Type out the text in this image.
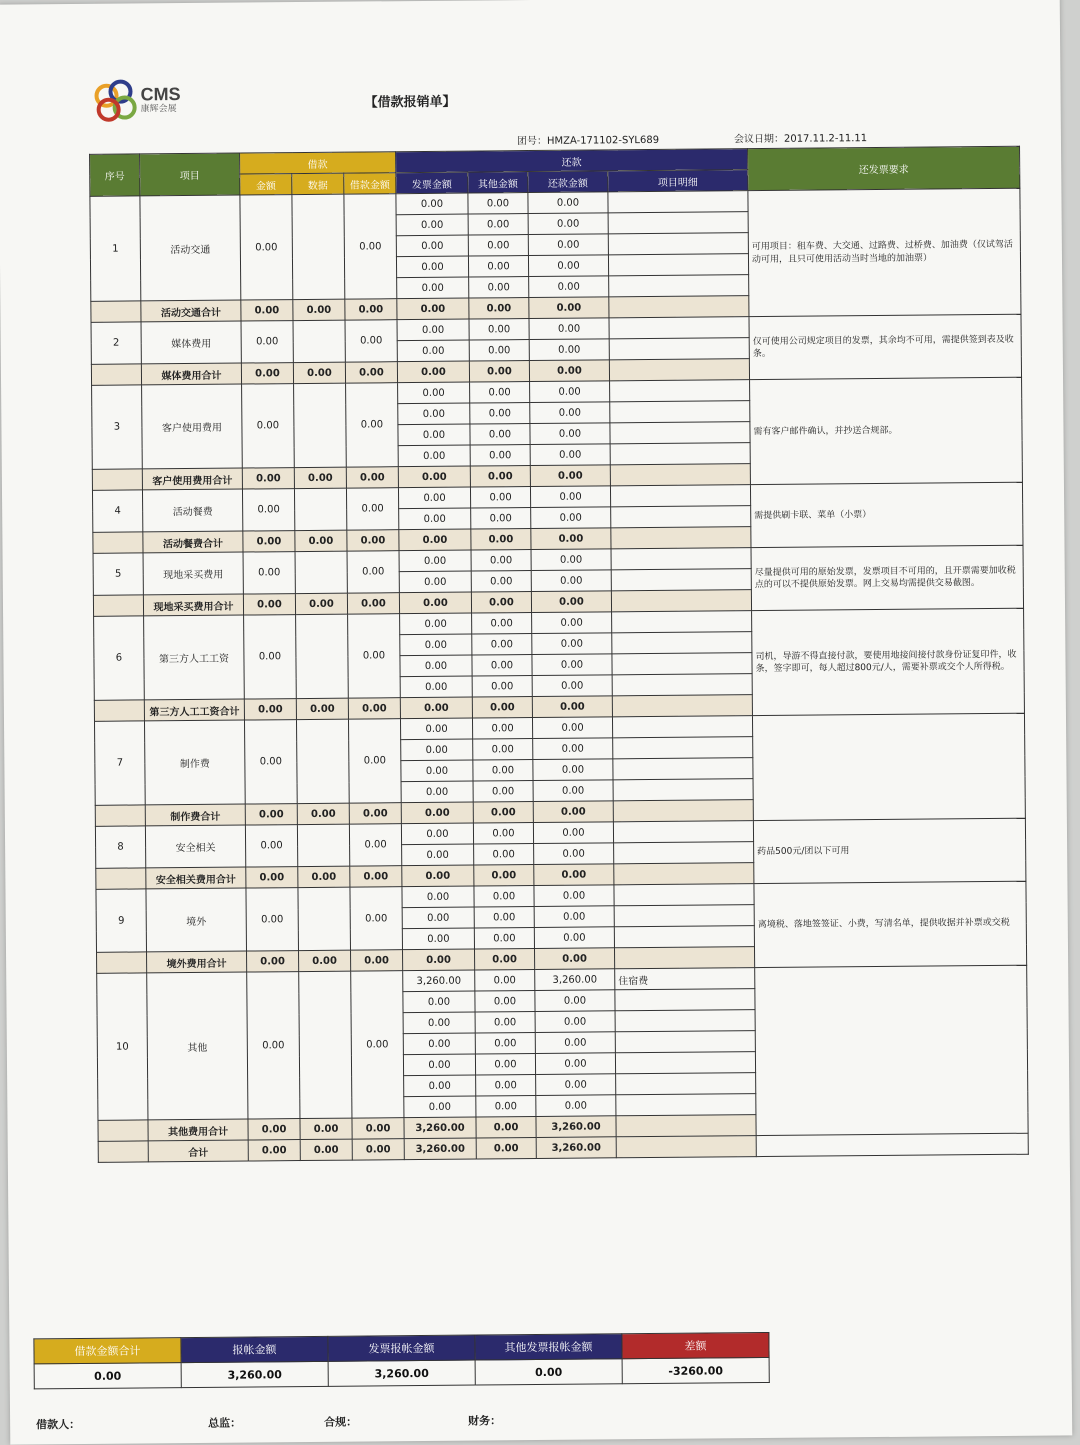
CMS
康辉会展	【借款报销单】
团号：HMZA-171102-SYL689	会议日期：2017.11.2-11.11
序号	项目	借款			还款				还发票要求
		金额	数据	借款金额	发票金额	其他金额	还款金额	项目明细	
1	活动交通	0.00		0.00	0.00	0.00	0.00		可用项目：租车费、大交通、过路费、过桥费、加油费（仅试驾活动可用，且只可使用活动当时当地的加油票）
					0.00	0.00	0.00		
					0.00	0.00	0.00		
					0.00	0.00	0.00		
					0.00	0.00	0.00		
	活动交通合计	0.00	0.00	0.00	0.00	0.00	0.00		
2	媒体费用	0.00		0.00	0.00	0.00	0.00		仅可使用公司规定项目的发票，其余均不可用，需提供签到表及收条。
					0.00	0.00	0.00		
	媒体费用合计	0.00	0.00	0.00	0.00	0.00	0.00		
3	客户使用费用	0.00		0.00	0.00	0.00	0.00		需有客户邮件确认，并抄送合规部。
					0.00	0.00	0.00		
					0.00	0.00	0.00		
					0.00	0.00	0.00		
	客户使用费用合计	0.00	0.00	0.00	0.00	0.00	0.00		
4	活动餐费	0.00		0.00	0.00	0.00	0.00		需提供刷卡联、菜单（小票）
					0.00	0.00	0.00		
	活动餐费合计	0.00	0.00	0.00	0.00	0.00	0.00		
5	现地采买费用	0.00		0.00	0.00	0.00	0.00		尽量提供可用的原始发票，发票项目不可用的，且开票需要加收税点的可以不提供原始发票。网上交易均需提供交易截图。
					0.00	0.00	0.00		
	现地采买费用合计	0.00	0.00	0.00	0.00	0.00	0.00		
6	第三方人工工资	0.00		0.00	0.00	0.00	0.00		司机，导游不得直接付款，要使用地接间接付款身份证复印件，收条，签字即可，每人超过800元/人，需要补票或交个人所得税。
					0.00	0.00	0.00		
					0.00	0.00	0.00		
					0.00	0.00	0.00		
	第三方人工工资合计	0.00	0.00	0.00	0.00	0.00	0.00		
7	制作费	0.00		0.00	0.00	0.00	0.00		
					0.00	0.00	0.00		
					0.00	0.00	0.00		
					0.00	0.00	0.00		
	制作费合计	0.00	0.00	0.00	0.00	0.00	0.00		
8	安全相关	0.00		0.00	0.00	0.00	0.00		药品500元/团以下可用
					0.00	0.00	0.00		
	安全相关费用合计	0.00	0.00	0.00	0.00	0.00	0.00		
9	境外	0.00		0.00	0.00	0.00	0.00		离境税、落地签签证、小费，写清名单，提供收据并补票或交税
					0.00	0.00	0.00		
					0.00	0.00	0.00		
	境外费用合计	0.00	0.00	0.00	0.00	0.00	0.00		
10	其他	0.00		0.00	3,260.00	0.00	3,260.00	住宿费	
					0.00	0.00	0.00		
					0.00	0.00	0.00		
					0.00	0.00	0.00		
					0.00	0.00	0.00		
					0.00	0.00	0.00		
					0.00	0.00	0.00		
	其他费用合计	0.00	0.00	0.00	3,260.00	0.00	3,260.00		
	合计	0.00	0.00	0.00	3,260.00	0.00	3,260.00		
借款金额合计	报帐金额	发票报帐金额	其他发票报帐金额	差额
0.00	3,260.00	3,260.00	0.00	-3260.00
借款人：	总监：	合规：	财务：
